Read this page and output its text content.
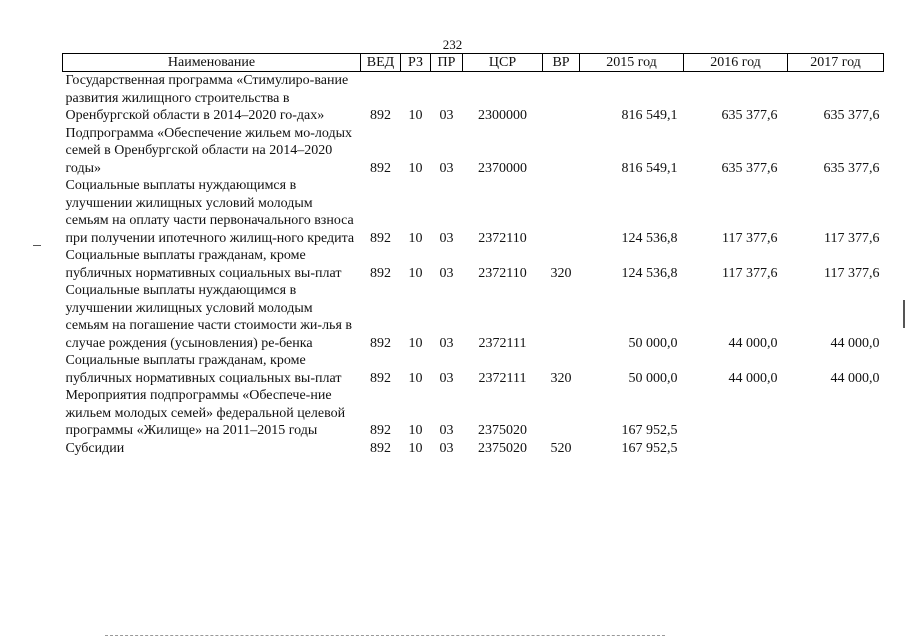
232
Наименование	ВЕД	РЗ	ПР	ЦСР	ВР	2015 год	2016 год	2017 год
Государственная программа «Стимулиро-вание развития жилищного строительства в Оренбургской области в 2014–2020 го-дах»	892	10	03	2300000		816 549,1	635 377,6	635 377,6
Подпрограмма «Обеспечение жильем мо-лодых семей в Оренбургской области на 2014–2020 годы»	892	10	03	2370000		816 549,1	635 377,6	635 377,6
Социальные выплаты нуждающимся в улучшении жилищных условий молодым семьям на оплату части первоначального взноса при получении ипотечного жилищ-ного кредита	892	10	03	2372110		124 536,8	117 377,6	117 377,6
Социальные выплаты гражданам, кроме публичных нормативных социальных вы-плат	892	10	03	2372110	320	124 536,8	117 377,6	117 377,6
Социальные выплаты нуждающимся в улучшении жилищных условий молодым семьям на погашение части стоимости жи-лья в случае рождения (усыновления) ре-бенка	892	10	03	2372111		50 000,0	44 000,0	44 000,0
Социальные выплаты гражданам, кроме публичных нормативных социальных вы-плат	892	10	03	2372111	320	50 000,0	44 000,0	44 000,0
Мероприятия подпрограммы «Обеспече-ние жильем молодых семей» федеральной целевой программы «Жилище» на 2011–2015 годы	892	10	03	2375020		167 952,5		
Субсидии	892	10	03	2375020	520	167 952,5		
